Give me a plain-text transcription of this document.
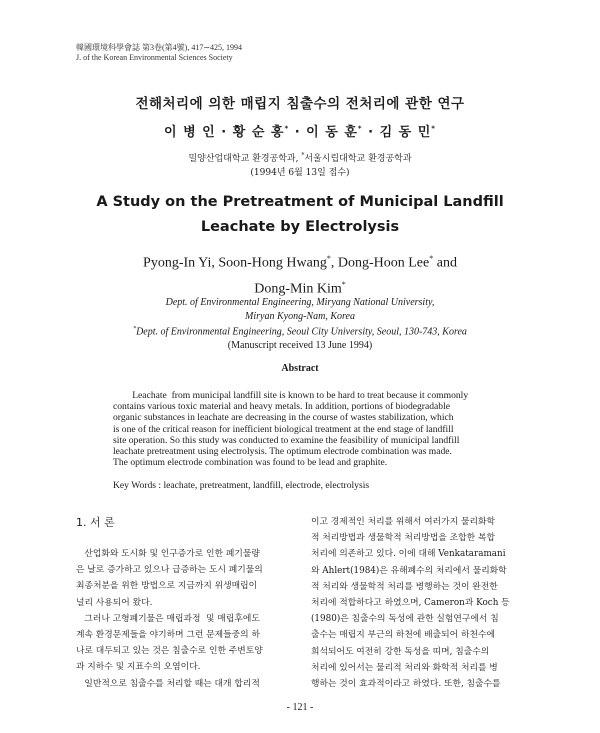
韓國環境科學會誌 第3卷(第4號), 417∼425, 1994
J. of the Korean Environmental Sciences Society
전해처리에 의한 매립지 침출수의 전처리에 관한 연구
이 병 인 · 황 순 홍* · 이 동 훈* · 김 동 민*
밀양산업대학교 환경공학과, *서울시립대학교 환경공학과
(1994년 6월 13일 접수)
A Study on the Pretreatment of Municipal Landfill
Leachate by Electrolysis
Pyong-In Yi, Soon-Hong Hwang*, Dong-Hoon Lee* and
Dong-Min Kim*
Dept. of Environmental Engineering, Miryang National University,
Miryan Kyong-Nam, Korea
*Dept. of Environmental Engineering, Seoul City University, Seoul, 130-743, Korea
(Manuscript received 13 June 1994)
Abstract
Leachate  from municipal landfill site is known to be hard to treat because it commonly
contains various toxic material and heavy metals. In addition, portions of biodegradable
organic substances in leachate are decreasing in the course of wastes stabilization, which
is one of the critical reason for inefficient biological treatment at the end stage of landfill
site operation. So this study was conducted to examine the feasibility of municipal landfill
leachate pretreatment using electrolysis. The optimum electrode combination was made.
The optimum electrode combination was found to be lead and graphite.
Key Words : leachate, pretreatment, landfill, electrode, electrolysis
1. 서 론
산업화와 도시화 및 인구증가로 인한 폐기물량
은 날로 증가하고 있으나 급증하는 도시 폐기물의
최종처분을 위한 방법으로 지금까지 위생매립이
널리 사용되어 왔다.
그러나 고형폐기물은 매립과정  및 매립후에도
계속 환경문제들을 야기하며 그런 문제들중의 하
나로 대두되고 있는 것은 침출수로 인한 주변토양
과 지하수 및 지표수의 오염이다.
일반적으로 침출수를 처리할 때는 대개 합리적
이고 경제적인 처리를 위해서 여러가지 물리화학
적 처리방법과 생물학적 처리방법을 조합한 복합
처리에 의존하고 있다. 이에 대해 Venkataramani
와 Ahlert(1984)은 유해폐수의 처리에서 물리화학
적 처리와 생물학적 처리를 병행하는 것이 완전한
처리에 적합하다고 하였으며, Cameron과 Koch 등
(1980)은 침출수의 독성에 관한 실험연구에서 침
출수는 매립지 부근의 하천에 배출되어 하천수에
희석되어도 여전히 강한 독성을 띠며, 침출수의
처리에 있어서는 물리적 처리와 화학적 처리를 병
행하는 것이 효과적이라고 하였다. 또한, 침출수를
- 121 -
